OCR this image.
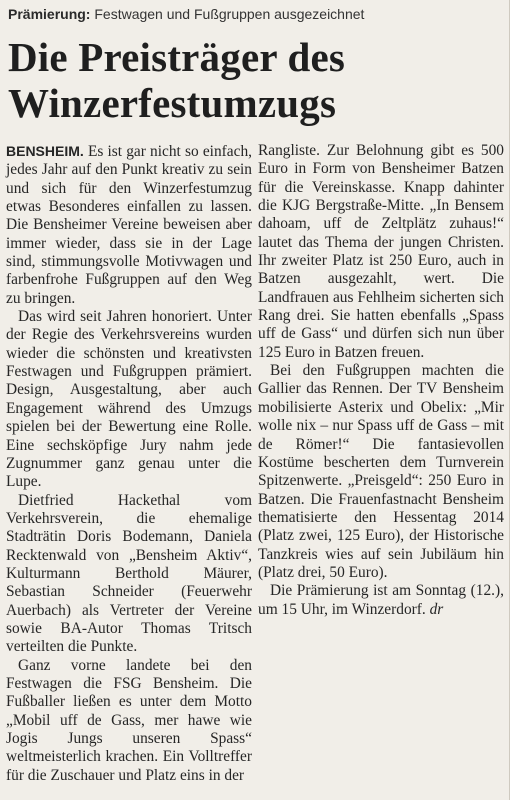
Prämierung: Festwagen und Fußgruppen ausgezeichnet
Die Preisträger des Winzerfestumzugs

BENSHEIM. Es ist gar nicht so einfach, jedes Jahr auf den Punkt kreativ zu sein und sich für den Winzerfestumzug etwas Besonderes einfallen zu lassen. Die Bensheimer Vereine beweisen aber immer wieder, dass sie in der Lage sind, stimmungsvolle Motivwagen und farbenfrohe Fußgruppen auf den Weg zu bringen.

Das wird seit Jahren honoriert. Unter der Regie des Verkehrsvereins wurden wieder die schönsten und kreativsten Festwagen und Fußgruppen prämiert. Design, Ausgestaltung, aber auch Engagement während des Umzugs spielen bei der Bewertung eine Rolle. Eine sechsköpfige Jury nahm jede Zugnummer ganz genau unter die Lupe.

Dietfried Hackethal vom Verkehrsverein, die ehemalige Stadträtin Doris Bodemann, Daniela Recktenwald von „Bensheim Aktiv“, Kulturmann Berthold Mäurer, Sebastian Schneider (Feuerwehr Auerbach) als Vertreter der Vereine sowie BA-Autor Thomas Tritsch verteilten die Punkte.

Ganz vorne landete bei den Festwagen die FSG Bensheim. Die Fußballer ließen es unter dem Motto „Mobil uff de Gass, mer hawe wie Jogis Jungs unseren Spass“ weltmeisterlich krachen. Ein Volltreffer für die Zuschauer und Platz eins in der

Rangliste. Zur Belohnung gibt es 500 Euro in Form von Bensheimer Batzen für die Vereinskasse. Knapp dahinter die KJG Bergstraße-Mitte. „In Bensem dahoam, uff de Zeltplätz zuhaus!“ lautet das Thema der jungen Christen. Ihr zweiter Platz ist 250 Euro, auch in Batzen ausgezahlt, wert. Die Landfrauen aus Fehlheim sicherten sich Rang drei. Sie hatten ebenfalls „Spass uff de Gass“ und dürfen sich nun über 125 Euro in Batzen freuen.

Bei den Fußgruppen machten die Gallier das Rennen. Der TV Bensheim mobilisierte Asterix und Obelix: „Mir wolle nix – nur Spass uff de Gass – mit de Römer!“ Die fantasievollen Kostüme bescherten dem Turnverein Spitzenwerte. „Preisgeld“: 250 Euro in Batzen. Die Frauenfastnacht Bensheim thematisierte den Hessentag 2014 (Platz zwei, 125 Euro), der Historische Tanzkreis wies auf sein Jubiläum hin (Platz drei, 50 Euro).

Die Prämierung ist am Sonntag (12.), um 15 Uhr, im Winzerdorf. dr
